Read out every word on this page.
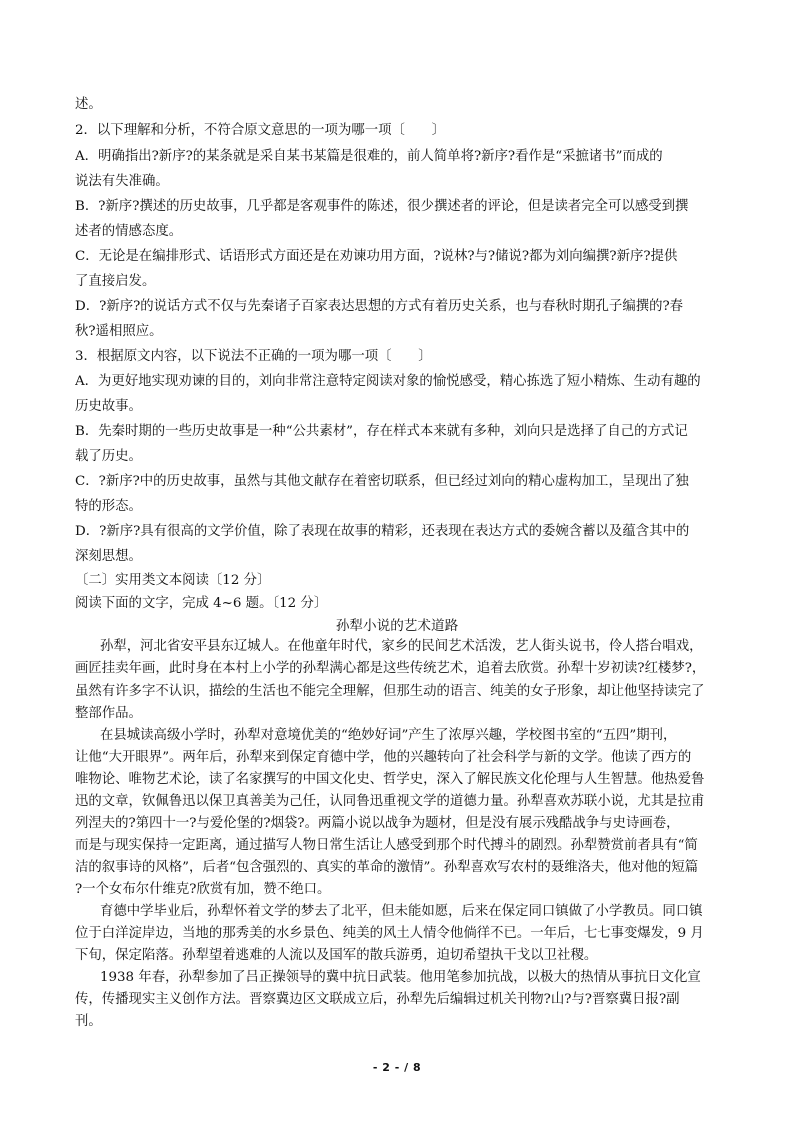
述。
2．以下理解和分析，不符合原文意思的一项为哪一项〔　　〕
A．明确指出?新序?的某条就是采自某书某篇是很难的，前人简单将?新序?看作是“采摭诸书”而成的
说法有失准确。
B．?新序?撰述的历史故事，几乎都是客观事件的陈述，很少撰述者的评论，但是读者完全可以感受到撰
述者的情感态度。
C．无论是在编排形式、话语形式方面还是在劝谏功用方面，?说林?与?储说?都为刘向编撰?新序?提供
了直接启发。
D．?新序?的说话方式不仅与先秦诸子百家表达思想的方式有着历史关系，也与春秋时期孔子编撰的?春
秋?遥相照应。
3．根据原文内容，以下说法不正确的一项为哪一项〔　　〕
A．为更好地实现劝谏的目的，刘向非常注意特定阅读对象的愉悦感受，精心拣选了短小精炼、生动有趣的
历史故事。
B．先秦时期的一些历史故事是一种“公共素材”，存在样式本来就有多种，刘向只是选择了自己的方式记
载了历史。
C．?新序?中的历史故事，虽然与其他文献存在着密切联系，但已经过刘向的精心虚构加工，呈现出了独
特的形态。
D．?新序?具有很高的文学价值，除了表现在故事的精彩，还表现在表达方式的委婉含蓄以及蕴含其中的
深刻思想。
〔二〕实用类文本阅读〔12 分〕
阅读下面的文字，完成 4~6 题。〔12 分〕
孙犁小说的艺术道路
孙犁，河北省安平县东辽城人。在他童年时代，家乡的民间艺术活泼，艺人街头说书，伶人搭台唱戏，
画匠挂卖年画，此时身在本村上小学的孙犁满心都是这些传统艺术，追着去欣赏。孙犁十岁初读?红楼梦?，
虽然有许多字不认识，描绘的生活也不能完全理解，但那生动的语言、纯美的女子形象，却让他坚持读完了
整部作品。
在县城读高级小学时，孙犁对意境优美的“绝妙好词”产生了浓厚兴趣，学校图书室的“五四”期刊，
让他“大开眼界”。两年后，孙犁来到保定育德中学，他的兴趣转向了社会科学与新的文学。他读了西方的
唯物论、唯物艺术论，读了名家撰写的中国文化史、哲学史，深入了解民族文化伦理与人生智慧。他热爱鲁
迅的文章，钦佩鲁迅以保卫真善美为己任，认同鲁迅重视文学的道德力量。孙犁喜欢苏联小说，尤其是拉甫
列涅夫的?第四十一?与爱伦堡的?烟袋?。两篇小说以战争为题材，但是没有展示残酷战争与史诗画卷，
而是与现实保持一定距离，通过描写人物日常生活让人感受到那个时代搏斗的剧烈。孙犁赞赏前者具有“简
洁的叙事诗的风格”，后者“包含强烈的、真实的革命的激情”。孙犁喜欢写农村的聂维洛夫，他对他的短篇
?一个女布尔什维克?欣赏有加，赞不绝口。
育德中学毕业后，孙犁怀着文学的梦去了北平，但未能如愿，后来在保定同口镇做了小学教员。同口镇
位于白洋淀岸边，当地的那秀美的水乡景色、纯美的风土人情令他倘徉不已。一年后，七七事变爆发，9 月
下旬，保定陷落。孙犁望着逃难的人流以及国军的散兵游勇，迫切希望执干戈以卫社稷。
1938 年春，孙犁参加了吕正操领导的冀中抗日武装。他用笔参加抗战，以极大的热情从事抗日文化宣
传，传播现实主义创作方法。晋察冀边区文联成立后，孙犁先后编辑过机关刊物?山?与?晋察冀日报?副
刊。
- 2 - / 8
